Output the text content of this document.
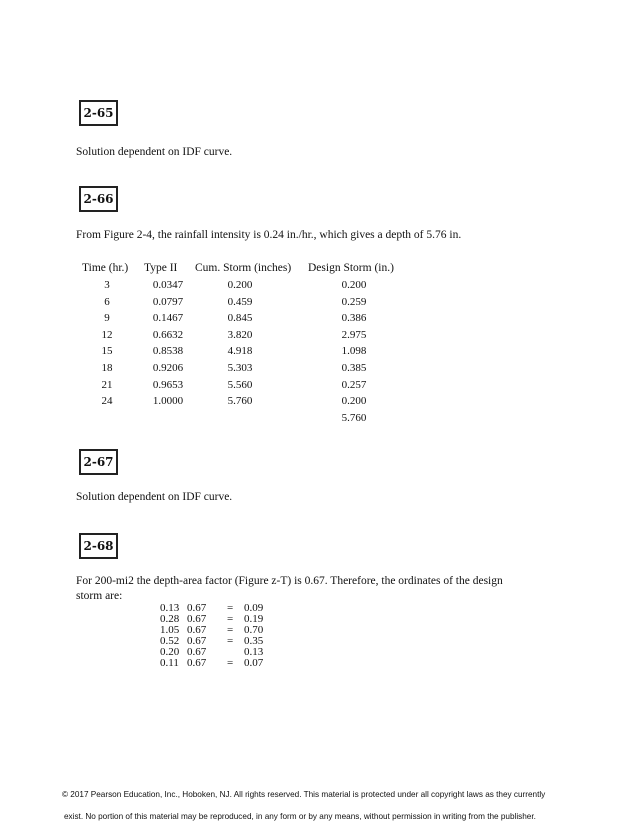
2-65
Solution dependent on IDF curve.
2-66
From Figure 2-4, the rainfall intensity is 0.24 in./hr., which gives a depth of 5.76 in.
Time (hr.) Type II Cum. Storm (inches) Design Storm (in.)
3
6
9
12
15
18
21
24
0.0347
0.0797
0.1467
0.6632
0.8538
0.9206
0.9653
1.0000
0.200
0.459
0.845
3.820
4.918
5.303
5.560
5.760
0.200
0.259
0.386
2.975
1.098
0.385
0.257
0.200
5.760
2-67
Solution dependent on IDF curve.
2-68
For 200-mi2 the depth-area factor (Figure z-T) is 0.67. Therefore, the ordinates of the design
storm are:
0.13
0.28
1.05
0.52
0.20
0.11
0.67
0.67
0.67
0.67
0.67
0.67
=
=
=
=
=
0.09
0.19
0.70
0.35
0.13
0.07
© 2017 Pearson Education, Inc., Hoboken, NJ. All rights reserved. This material is protected under all copyright laws as they currently
exist. No portion of this material may be reproduced, in any form or by any means, without permission in writing from the publisher.
